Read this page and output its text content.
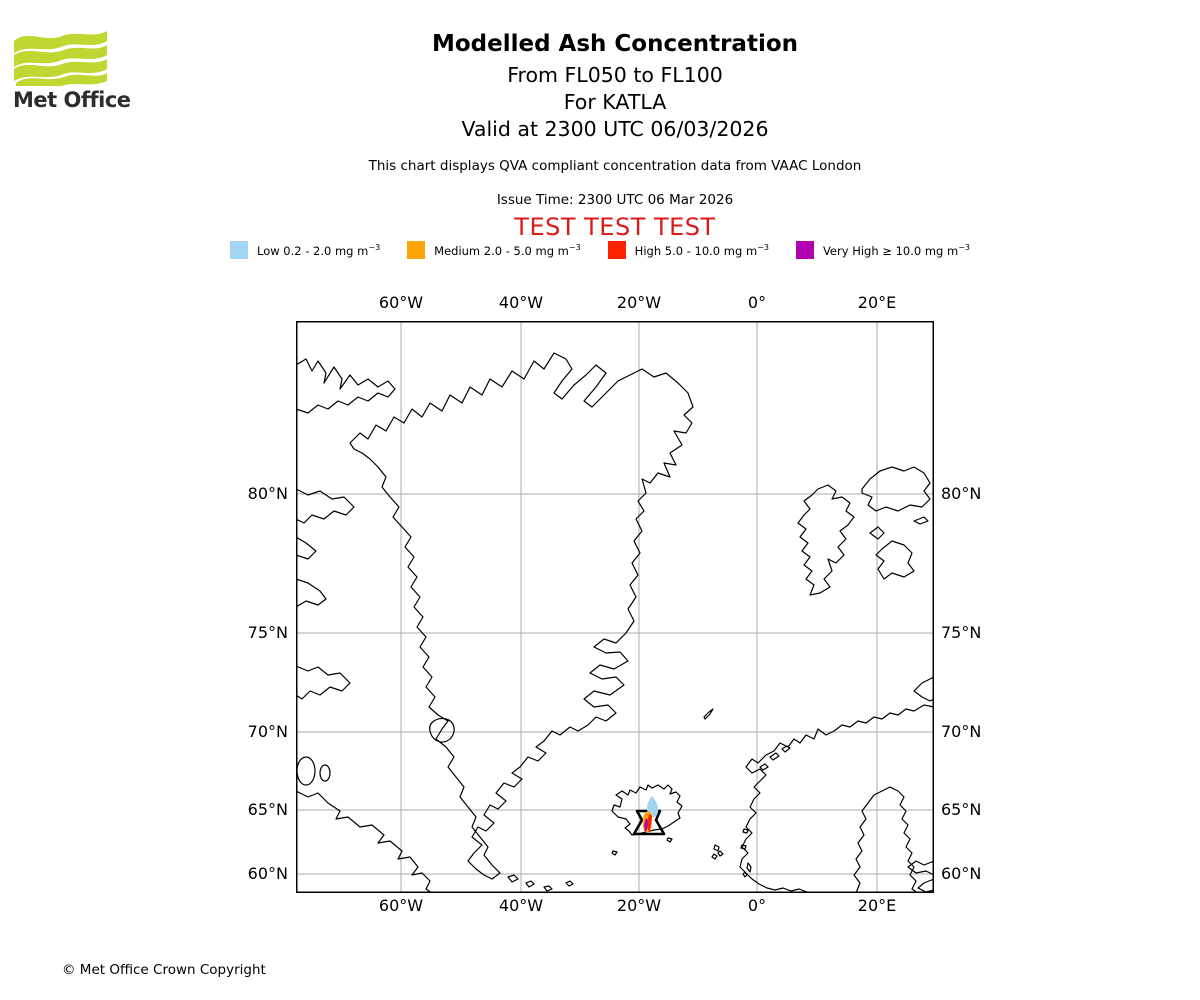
Met Office
Modelled Ash Concentration
From FL050 to FL100
For KATLA
Valid at 2300 UTC 06/03/2026
This chart displays QVA compliant concentration data from VAAC London
Issue Time: 2300 UTC 06 Mar 2026
TEST TEST TEST
Low 0.2 - 2.0 mg $m^{-3}$	Medium 2.0 - 5.0 mg $m^{-3}$	High 5.0 - 10.0 mg $m^{-3}$	Very High ≥ 10.0 mg $m^{-3}$
60°W	40°W	20°W	0°	20°E
60°W	40°W	20°W	0°	20°E
80°N
75°N
70°N
65°N
60°N
80°N
75°N
70°N
65°N
60°N
© Met Office Crown Copyright
